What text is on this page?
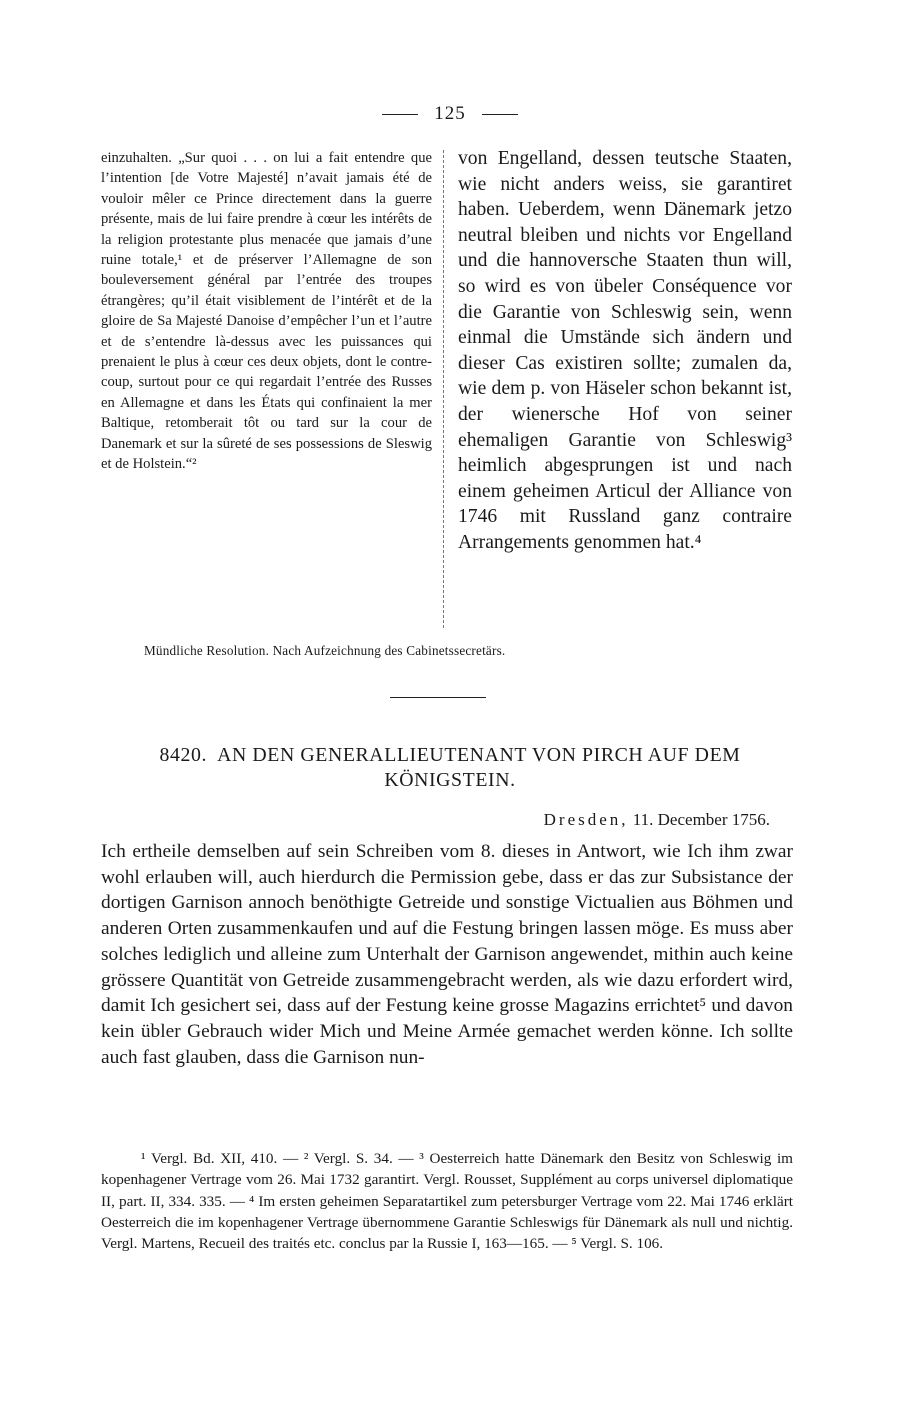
125

einzuhalten. „Sur quoi . . . on lui a fait entendre que l’intention [de Votre Majesté] n’avait jamais été de vouloir mêler ce Prince directement dans la guerre présente, mais de lui faire prendre à cœur les intérêts de la religion protestante plus menacée que jamais d’une ruine totale,¹ et de préserver l’Allemagne de son bouleversement général par l’entrée des troupes étrangères; qu’il était visiblement de l’intérêt et de la gloire de Sa Majesté Danoise d’empêcher l’un et l’autre et de s’entendre là-dessus avec les puissances qui prenaient le plus à cœur ces deux objets, dont le contre-coup, surtout pour ce qui regardait l’entrée des Russes en Allemagne et dans les États qui confinaient la mer Baltique, retomberait tôt ou tard sur la cour de Danemark et sur la sûreté de ses possessions de Sleswig et de Holstein.“²

von Engelland, dessen teutsche Staaten, wie nicht anders weiss, sie garantiret haben. Ueberdem, wenn Dänemark jetzo neutral bleiben und nichts vor Engelland und die hannoversche Staaten thun will, so wird es von übeler Conséquence vor die Garantie von Schleswig sein, wenn einmal die Umstände sich ändern und dieser Cas existiren sollte; zumalen da, wie dem p. von Häseler schon bekannt ist, der wienersche Hof von seiner ehemaligen Garantie von Schleswig³ heimlich abgesprungen ist und nach einem geheimen Articul der Alliance von 1746 mit Russland ganz contraire Arrangements genommen hat.⁴

Mündliche Resolution. Nach Aufzeichnung des Cabinetssecretärs.
8420. AN DEN GENERALLIEUTENANT VON PIRCH AUF DEM KÖNIGSTEIN.
Dresden, 11. December 1756.

Ich ertheile demselben auf sein Schreiben vom 8. dieses in Antwort, wie Ich ihm zwar wohl erlauben will, auch hierdurch die Permission gebe, dass er das zur Subsistance der dortigen Garnison annoch benöthigte Getreide und sonstige Victualien aus Böhmen und anderen Orten zusammenkaufen und auf die Festung bringen lassen möge. Es muss aber solches lediglich und alleine zum Unterhalt der Garnison angewendet, mithin auch keine grössere Quantität von Getreide zusammengebracht werden, als wie dazu erfordert wird, damit Ich gesichert sei, dass auf der Festung keine grosse Magazins errichtet⁵ und davon kein übler Gebrauch wider Mich und Meine Armée gemachet werden könne. Ich sollte auch fast glauben, dass die Garnison nun-

¹ Vergl. Bd. XII, 410. — ² Vergl. S. 34. — ³ Oesterreich hatte Dänemark den Besitz von Schleswig im kopenhagener Vertrage vom 26. Mai 1732 garantirt. Vergl. Rousset, Supplément au corps universel diplomatique II, part. II, 334. 335. — ⁴ Im ersten geheimen Separatartikel zum petersburger Vertrage vom 22. Mai 1746 erklärt Oesterreich die im kopenhagener Vertrage übernommene Garantie Schleswigs für Dänemark als null und nichtig. Vergl. Martens, Recueil des traités etc. conclus par la Russie I, 163—165. — ⁵ Vergl. S. 106.
